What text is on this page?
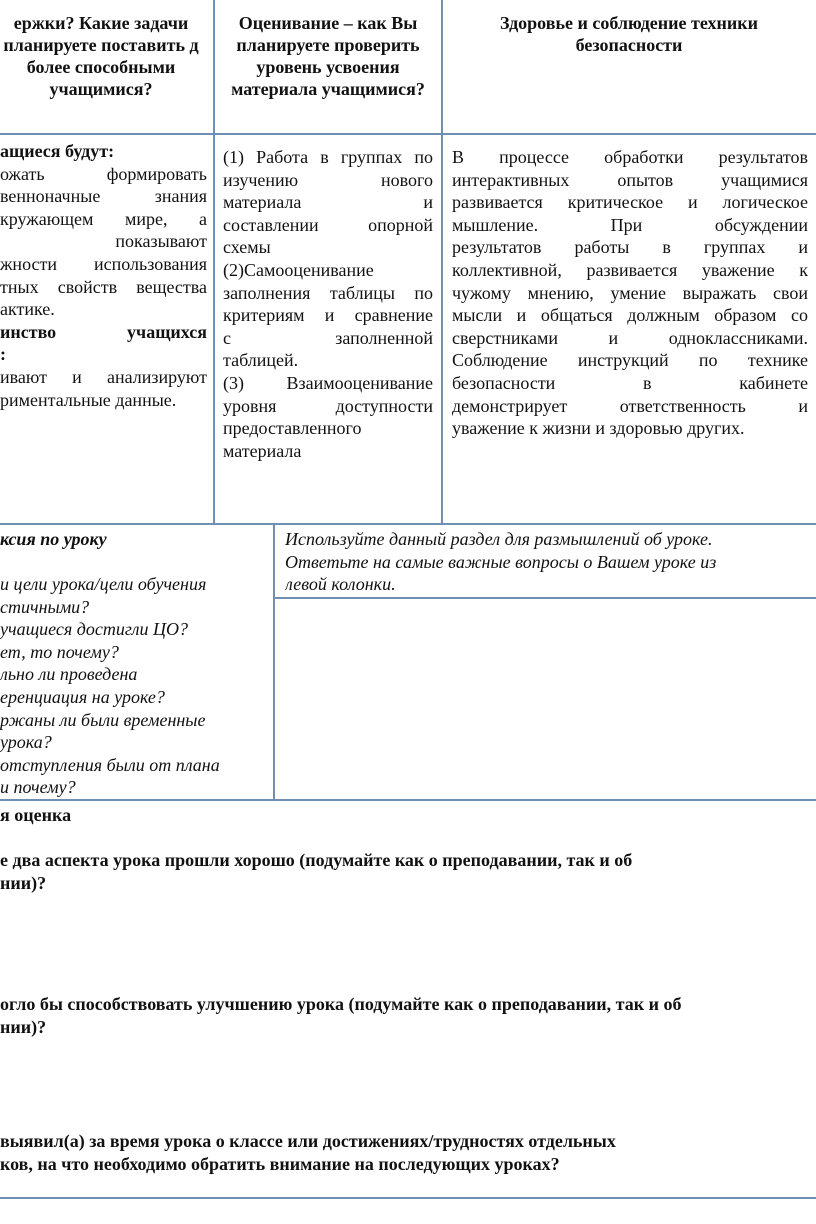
ержки? Какие задачи планируете поставить д более способными учащимися?
Оценивание – как Вы планируете проверить уровень усвоения материала учащимися?
Здоровье и соблюдение техники безопасности
ащиеся будут:
ожать формировать
венноначные знания
кружающем мире, а
показывают
жности использования
тных свойств вещества
актике.
инство учащихся
:
ивают и анализируют
риментальные данные.
(1) Работа в группах по
изучению нового
материала и
составлении опорной
схемы
(2)Самооценивание
заполнения таблицы по
критериям и сравнение
с заполненной
таблицей.
(3) Взаимооценивание
уровня доступности
предоставленного
материала
В процессе обработки результатов
интерактивных опытов учащимися
развивается критическое и логическое
мышление. При обсуждении
результатов работы в группах и
коллективной, развивается уважение к
чужому мнению, умение выражать свои
мысли и общаться должным образом со
сверстниками и одноклассниками.
Соблюдение инструкций по технике
безопасности в кабинете
демонстрирует ответственность и
уважение к жизни и здоровью других.
ксия по уроку
и цели урока/цели обучения
стичными?
учащиеся достигли ЦО?
ет, то почему?
льно ли проведена
еренциация на уроке?
ржаны ли были временные
урока?
отступления были от плана
и почему?
Используйте данный раздел для размышлений об уроке.
Ответьте на самые важные вопросы о Вашем уроке из
левой колонки.
я оценка
е два аспекта урока прошли хорошо (подумайте как о преподавании, так и об
нии)?
огло бы способствовать улучшению урока (подумайте как о преподавании, так и об
нии)?
выявил(а) за время урока о классе или достижениях/трудностях отдельных
ков, на что необходимо обратить внимание на последующих уроках?
